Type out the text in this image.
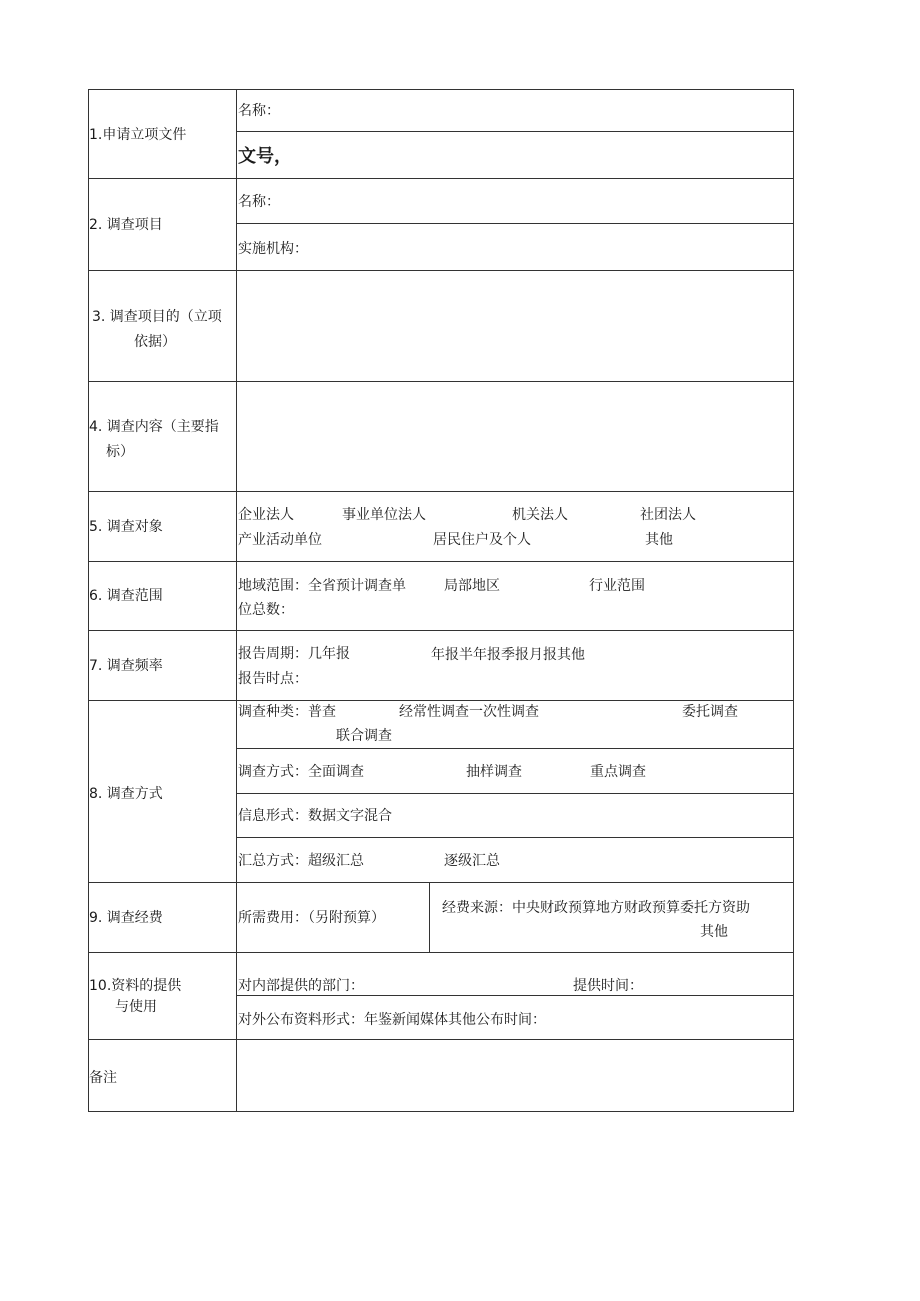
1.申请立项文件
名称：
文号，
2. 调查项目
名称：
实施机构：
3. 调查项目的（立项
依据）
4. 调查内容（主要指
标）
5. 调查对象
企业法人	事业单位法人	机关法人	社团法人
产业活动单位	居民住户及个人	其他
6. 调查范围
地域范围：全省预计调查单	局部地区	行业范围
位总数：
7. 调查频率
报告周期：几年报	年报半年报季报月报其他
报告时点：
8. 调查方式
调查种类：普查	经常性调查一次性调查	委托调查
联合调查
调查方式：全面调查	抽样调查	重点调查
信息形式：数据文字混合
汇总方式：超级汇总	逐级汇总
9. 调查经费	所需费用：（另附预算）
经费来源：中央财政预算地方财政预算委托方资助
其他
10.资料的提供
与使用
对内部提供的部门：	提供时间：
对外公布资料形式：年鉴新闻媒体其他公布时间：
备注
